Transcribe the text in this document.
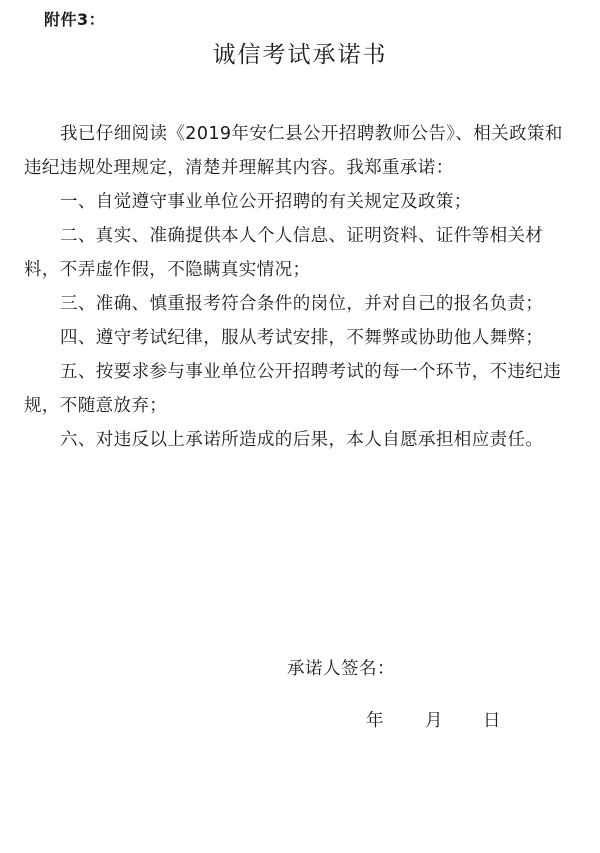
附件3：
诚信考试承诺书

我已仔细阅读《2019年安仁县公开招聘教师公告》、相关政策和违纪违规处理规定，清楚并理解其内容。我郑重承诺：

一、自觉遵守事业单位公开招聘的有关规定及政策；

二、真实、准确提供本人个人信息、证明资料、证件等相关材料，不弄虚作假，不隐瞒真实情况；

三、准确、慎重报考符合条件的岗位，并对自己的报名负责；

四、遵守考试纪律，服从考试安排，不舞弊或协助他人舞弊；

五、按要求参与事业单位公开招聘考试的每一个环节，不违纪违规，不随意放弃；

六、对违反以上承诺所造成的后果，本人自愿承担相应责任。

承诺人签名：
年 月 日
